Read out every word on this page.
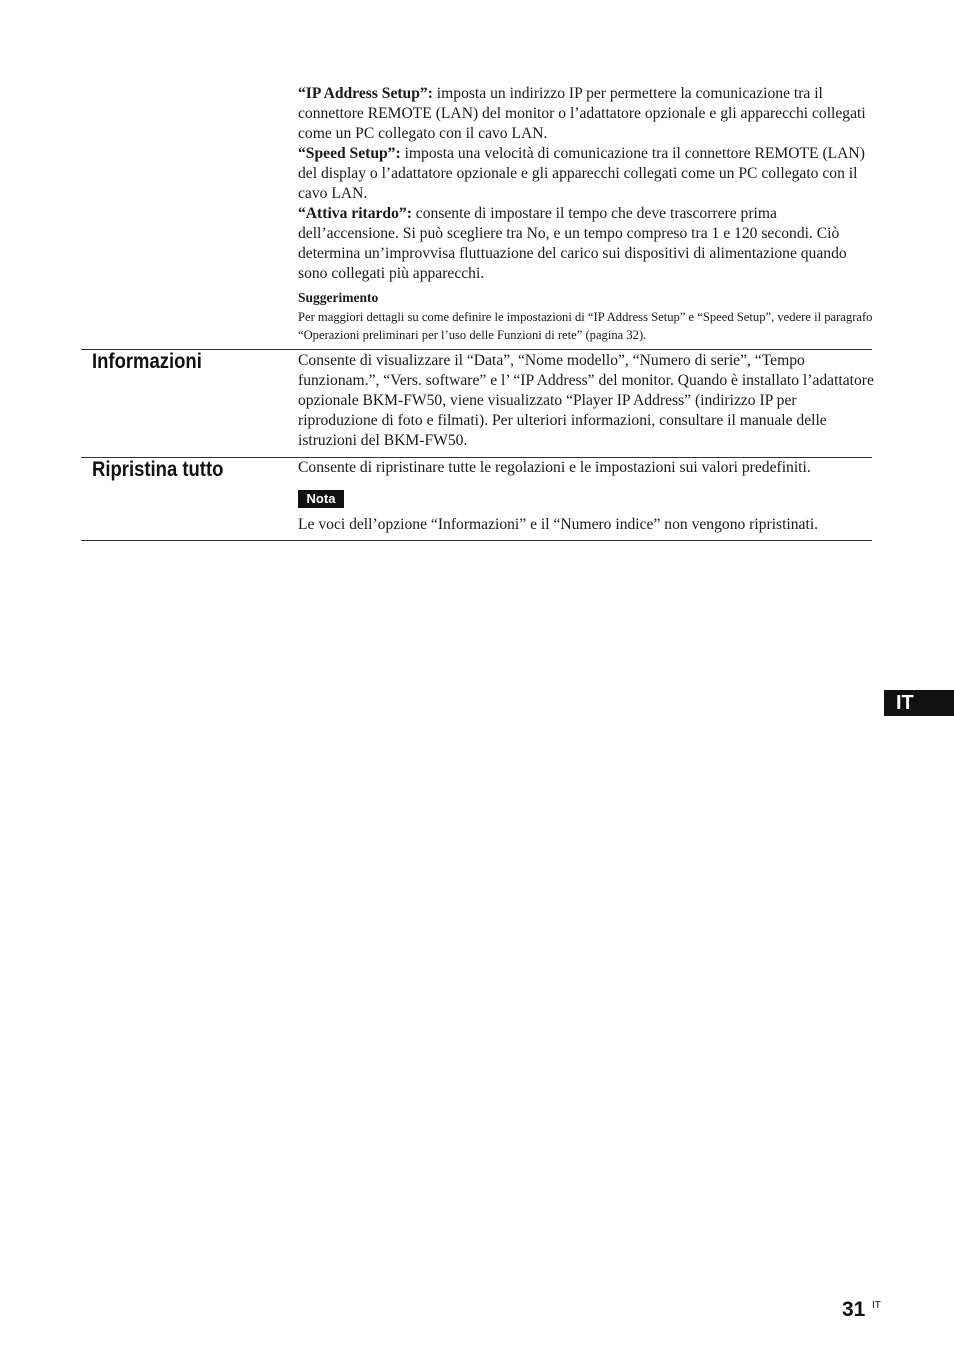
“IP Address Setup”: imposta un indirizzo IP per permettere la comunicazione tra il connettore REMOTE (LAN) del monitor o l’adattatore opzionale e gli apparecchi collegati come un PC collegato con il cavo LAN.

“Speed Setup”: imposta una velocità di comunicazione tra il connettore REMOTE (LAN) del display o l’adattatore opzionale e gli apparecchi collegati come un PC collegato con il cavo LAN.

“Attiva ritardo”: consente di impostare il tempo che deve trascorrere prima dell’accensione. Si può scegliere tra No, e un tempo compreso tra 1 e 120 secondi. Ciò determina un’improvvisa fluttuazione del carico sui dispositivi di alimentazione quando sono collegati più apparecchi.

Suggerimento
Per maggiori dettagli su come definire le impostazioni di “IP Address Setup” e “Speed Setup”, vedere il paragrafo “Operazioni preliminari per l’uso delle Funzioni di rete” (pagina 32).
Informazioni	Consente di visualizzare il “Data”, “Nome modello”, “Numero di serie”, “Tempo funzionam.”, “Vers. software” e l’ “IP Address” del monitor. Quando è installato l’adattatore opzionale BKM-FW50, viene visualizzato “Player IP Address” (indirizzo IP per riproduzione di foto e filmati). Per ulteriori informazioni, consultare il manuale delle istruzioni del BKM-FW50.

Ripristina tutto	Consente di ripristinare tutte le regolazioni e le impostazioni sui valori predefiniti.

Nota

Le voci dell’opzione “Informazioni” e il “Numero indice” non vengono ripristinati.

IT
31 IT
